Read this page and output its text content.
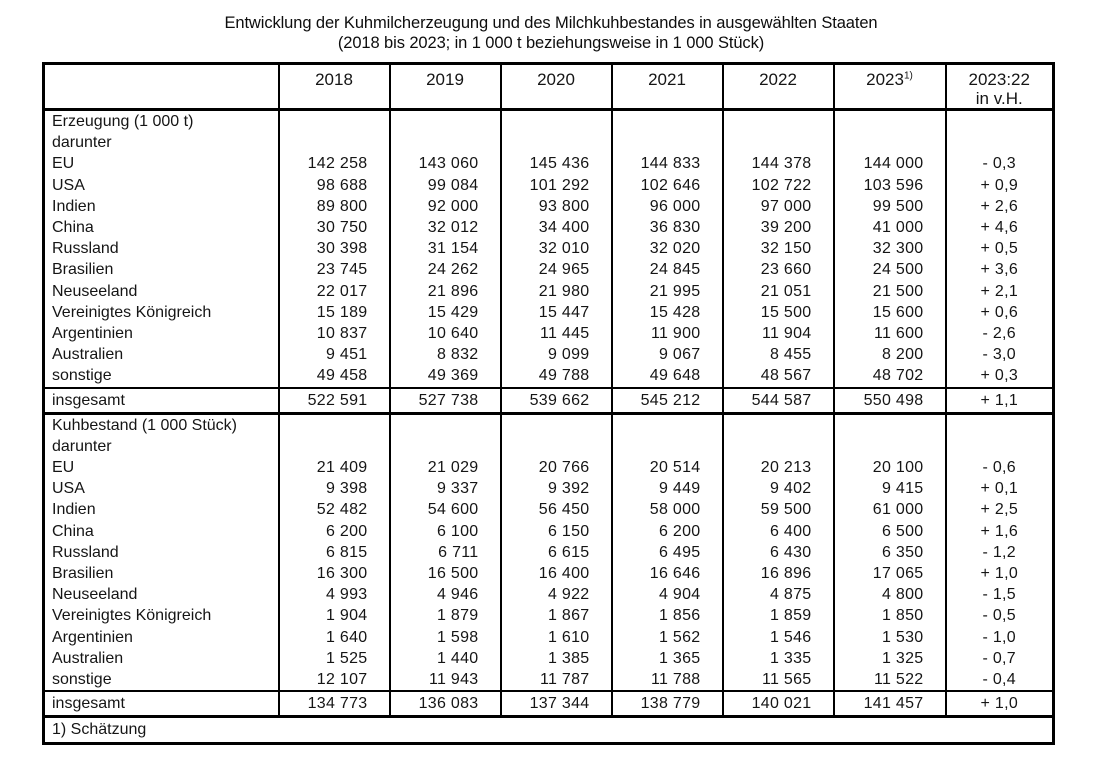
Entwicklung der Kuhmilcherzeugung und des Milchkuhbestandes in ausgewählten Staaten
(2018 bis 2023; in 1 000 t beziehungsweise in 1 000 Stück)
	2018	2019	2020	2021	2022	2023$^{1)}$	2023:22
in v.H.

Erzeugung (1 000 t)							
darunter							
EU	142 258	143 060	145 436	144 833	144 378	144 000	- 0,3
USA	98 688	99 084	101 292	102 646	102 722	103 596	+ 0,9
Indien	89 800	92 000	93 800	96 000	97 000	99 500	+ 2,6
China	30 750	32 012	34 400	36 830	39 200	41 000	+ 4,6
Russland	30 398	31 154	32 010	32 020	32 150	32 300	+ 0,5
Brasilien	23 745	24 262	24 965	24 845	23 660	24 500	+ 3,6
Neuseeland	22 017	21 896	21 980	21 995	21 051	21 500	+ 2,1
Vereinigtes Königreich	15 189	15 429	15 447	15 428	15 500	15 600	+ 0,6
Argentinien	10 837	10 640	11 445	11 900	11 904	11 600	- 2,6
Australien	9 451	8 832	9 099	9 067	8 455	8 200	- 3,0
sonstige	49 458	49 369	49 788	49 648	48 567	48 702	+ 0,3
insgesamt	522 591	527 738	539 662	545 212	544 587	550 498	+ 1,1
Kuhbestand (1 000 Stück)							
darunter							
EU	21 409	21 029	20 766	20 514	20 213	20 100	- 0,6
USA	9 398	9 337	9 392	9 449	9 402	9 415	+ 0,1
Indien	52 482	54 600	56 450	58 000	59 500	61 000	+ 2,5
China	6 200	6 100	6 150	6 200	6 400	6 500	+ 1,6
Russland	6 815	6 711	6 615	6 495	6 430	6 350	- 1,2
Brasilien	16 300	16 500	16 400	16 646	16 896	17 065	+ 1,0
Neuseeland	4 993	4 946	4 922	4 904	4 875	4 800	- 1,5
Vereinigtes Königreich	1 904	1 879	1 867	1 856	1 859	1 850	- 0,5
Argentinien	1 640	1 598	1 610	1 562	1 546	1 530	- 1,0
Australien	1 525	1 440	1 385	1 365	1 335	1 325	- 0,7
sonstige	12 107	11 943	11 787	11 788	11 565	11 522	- 0,4
insgesamt	134 773	136 083	137 344	138 779	140 021	141 457	+ 1,0
1) Schätzung							
